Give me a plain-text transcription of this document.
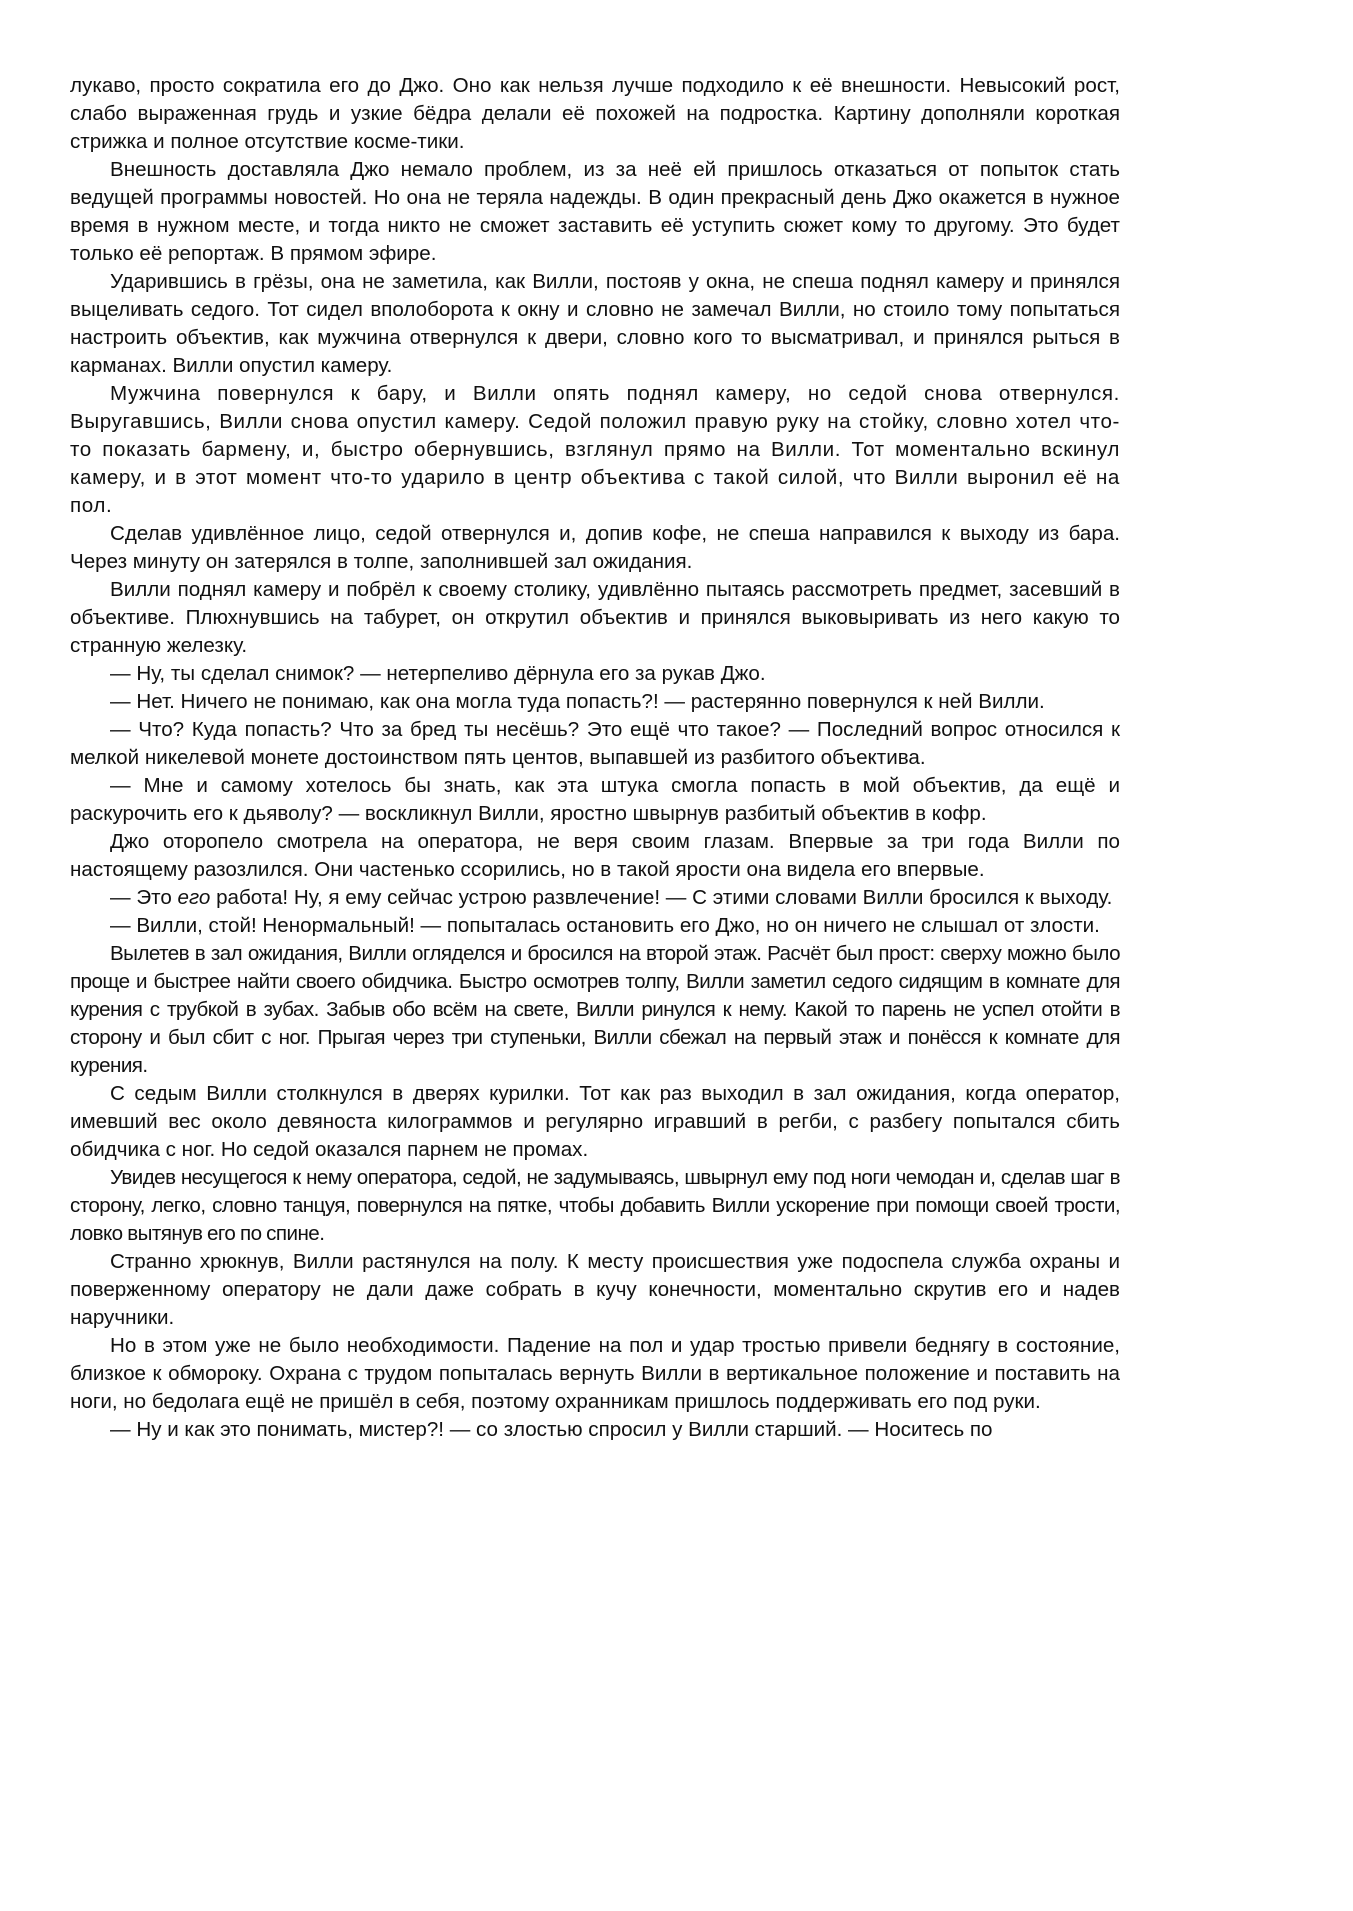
лукаво, просто сократила его до Джо. Оно как нельзя лучше подходило к её внешности. Невысокий рост, слабо выраженная грудь и узкие бёдра делали её похожей на подростка. Картину дополняли короткая стрижка и полное отсутствие косме-тики.

Внешность доставляла Джо немало проблем, из за неё ей пришлось отказаться от попыток стать ведущей программы новостей. Но она не теряла надежды. В один прекрасный день Джо окажется в нужное время в нужном месте, и тогда никто не сможет заставить её уступить сюжет кому то другому. Это будет только её репортаж. В прямом эфире.

Ударившись в грёзы, она не заметила, как Вилли, постояв у окна, не спеша поднял камеру и принялся выцеливать седого. Тот сидел вполоборота к окну и словно не замечал Вилли, но стоило тому попытаться настроить объектив, как мужчина отвернулся к двери, словно кого то высматривал, и принялся рыться в карманах. Вилли опустил камеру.

Мужчина повернулся к бару, и Вилли опять поднял камеру, но седой снова отвернулся. Выругавшись, Вилли снова опустил камеру. Седой положил правую руку на стойку, словно хотел что-то показать бармену, и, быстро обернувшись, взглянул прямо на Вилли. Тот моментально вскинул камеру, и в этот момент что-то ударило в центр объектива с такой силой, что Вилли выронил её на пол.

Сделав удивлённое лицо, седой отвернулся и, допив кофе, не спеша направился к выходу из бара. Через минуту он затерялся в толпе, заполнившей зал ожидания.

Вилли поднял камеру и побрёл к своему столику, удивлённо пытаясь рассмотреть предмет, засевший в объективе. Плюхнувшись на табурет, он открутил объектив и принялся выковыривать из него какую то странную железку.

— Ну, ты сделал снимок? — нетерпеливо дёрнула его за рукав Джо.

— Нет. Ничего не понимаю, как она могла туда попасть?! — растерянно повернулся к ней Вилли.

— Что? Куда попасть? Что за бред ты несёшь? Это ещё что такое? — Последний вопрос относился к мелкой никелевой монете достоинством пять центов, выпавшей из разбитого объектива.

— Мне и самому хотелось бы знать, как эта штука смогла попасть в мой объектив, да ещё и раскурочить его к дьяволу? — воскликнул Вилли, яростно швырнув разбитый объектив в кофр.

Джо оторопело смотрела на оператора, не веря своим глазам. Впервые за три года Вилли по настоящему разозлился. Они частенько ссорились, но в такой ярости она видела его впервые.

— Это его работа! Ну, я ему сейчас устрою развлечение! — С этими словами Вилли бросился к выходу.

— Вилли, стой! Ненормальный! — попыталась остановить его Джо, но он ничего не слышал от злости.

Вылетев в зал ожидания, Вилли огляделся и бросился на второй этаж. Расчёт был прост: сверху можно было проще и быстрее найти своего обидчика. Быстро осмотрев толпу, Вилли заметил седого сидящим в комнате для курения с трубкой в зубах. Забыв обо всём на свете, Вилли ринулся к нему. Какой то парень не успел отойти в сторону и был сбит с ног. Прыгая через три ступеньки, Вилли сбежал на первый этаж и понёсся к комнате для курения.

С седым Вилли столкнулся в дверях курилки. Тот как раз выходил в зал ожидания, когда оператор, имевший вес около девяноста килограммов и регулярно игравший в регби, с разбегу попытался сбить обидчика с ног. Но седой оказался парнем не промах.

Увидев несущегося к нему оператора, седой, не задумываясь, швырнул ему под ноги чемодан и, сделав шаг в сторону, легко, словно танцуя, повернулся на пятке, чтобы добавить Вилли ускорение при помощи своей трости, ловко вытянув его по спине.

Странно хрюкнув, Вилли растянулся на полу. К месту происшествия уже подоспела служба охраны и поверженному оператору не дали даже собрать в кучу конечности, моментально скрутив его и надев наручники.

Но в этом уже не было необходимости. Падение на пол и удар тростью привели беднягу в состояние, близкое к обмороку. Охрана с трудом попыталась вернуть Вилли в вертикальное положение и поставить на ноги, но бедолага ещё не пришёл в себя, поэтому охранникам пришлось поддерживать его под руки.

— Ну и как это понимать, мистер?! — со злостью спросил у Вилли старший. — Носитесь по
